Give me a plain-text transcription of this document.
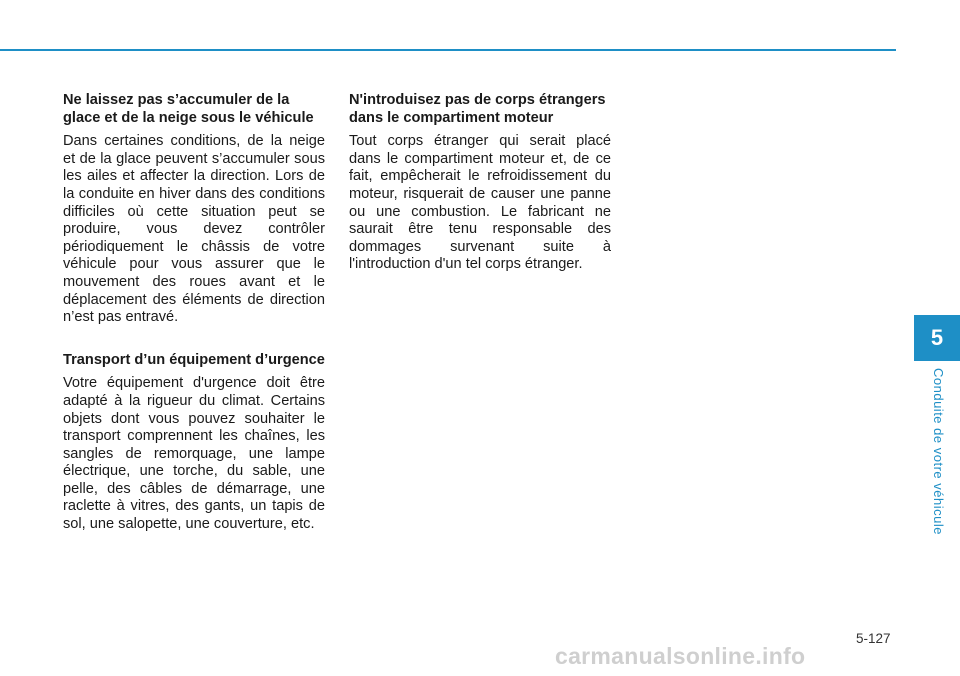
Ne laissez pas s’accumuler de la glace et de la neige sous le véhicule

Dans certaines conditions, de la neige et de la glace peuvent s’accumuler sous les ailes et affecter la direction. Lors de la conduite en hiver dans des conditions difficiles où cette situation peut se produire, vous devez contrôler périodiquement le châssis de votre véhicule pour vous assurer que le mouvement des roues avant et le déplacement des éléments de direction n’est pas entravé.

Transport d’un équipement d’urgence

Votre équipement d'urgence doit être adapté à la rigueur du climat. Certains objets dont vous pouvez souhaiter le transport comprennent les chaînes, les sangles de remorquage, une lampe électrique, une torche, du sable, une pelle, des câbles de démarrage, une raclette à vitres, des gants, un tapis de sol, une salopette, une couverture, etc.

N'introduisez pas de corps étrangers dans le compartiment moteur

Tout corps étranger qui serait placé dans le compartiment moteur et, de ce fait, empêcherait le refroidissement du moteur, risquerait de causer une panne ou une combustion. Le fabricant ne saurait être tenu responsable des dommages survenant suite à l'introduction d'un tel corps étranger.

5
Conduite de votre véhicule
5-127
carmanualsonline.info
